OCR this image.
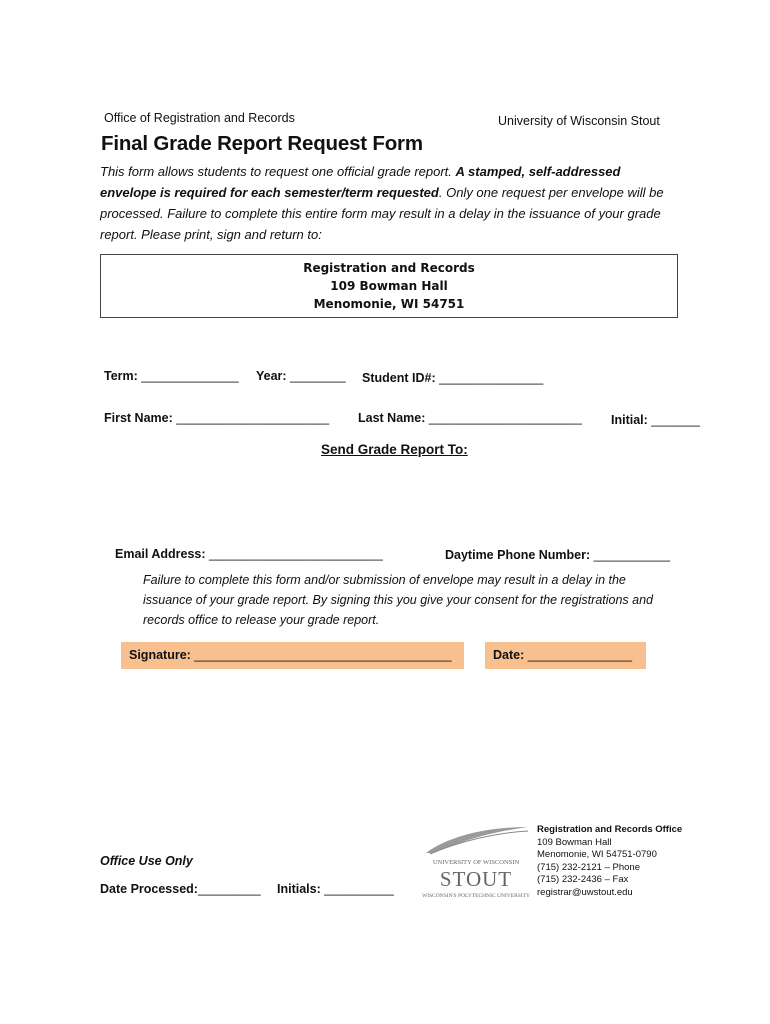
Office of Registration and Records	University of Wisconsin Stout
Final Grade Report Request Form
This form allows students to request one official grade report. A stamped, self-addressed envelope is required for each semester/term requested. Only one request per envelope will be processed. Failure to complete this entire form may result in a delay in the issuance of your grade report. Please print, sign and return to:
Registration and Records
109 Bowman Hall
Menomonie, WI 54751
Term: ______________ Year: ________ Student ID#: _______________
First Name: ______________________ Last Name: ______________________ Initial: _______
Send Grade Report To:
Email Address: _________________________	Daytime Phone Number: ___________
Failure to complete this form and/or submission of envelope may result in a delay in the issuance of your grade report. By signing this you give your consent for the registrations and records office to release your grade report.
Signature: _____________________________________	Date: _______________
Office Use Only
Date Processed:_________ Initials: __________
UNIVERSITY OF WISCONSIN
STOUT
WISCONSIN'S POLYTECHNIC UNIVERSITY
Registration and Records Office
109 Bowman Hall
Menomonie, WI 54751-0790
(715) 232-2121 – Phone
(715) 232-2436 – Fax
registrar@uwstout.edu
